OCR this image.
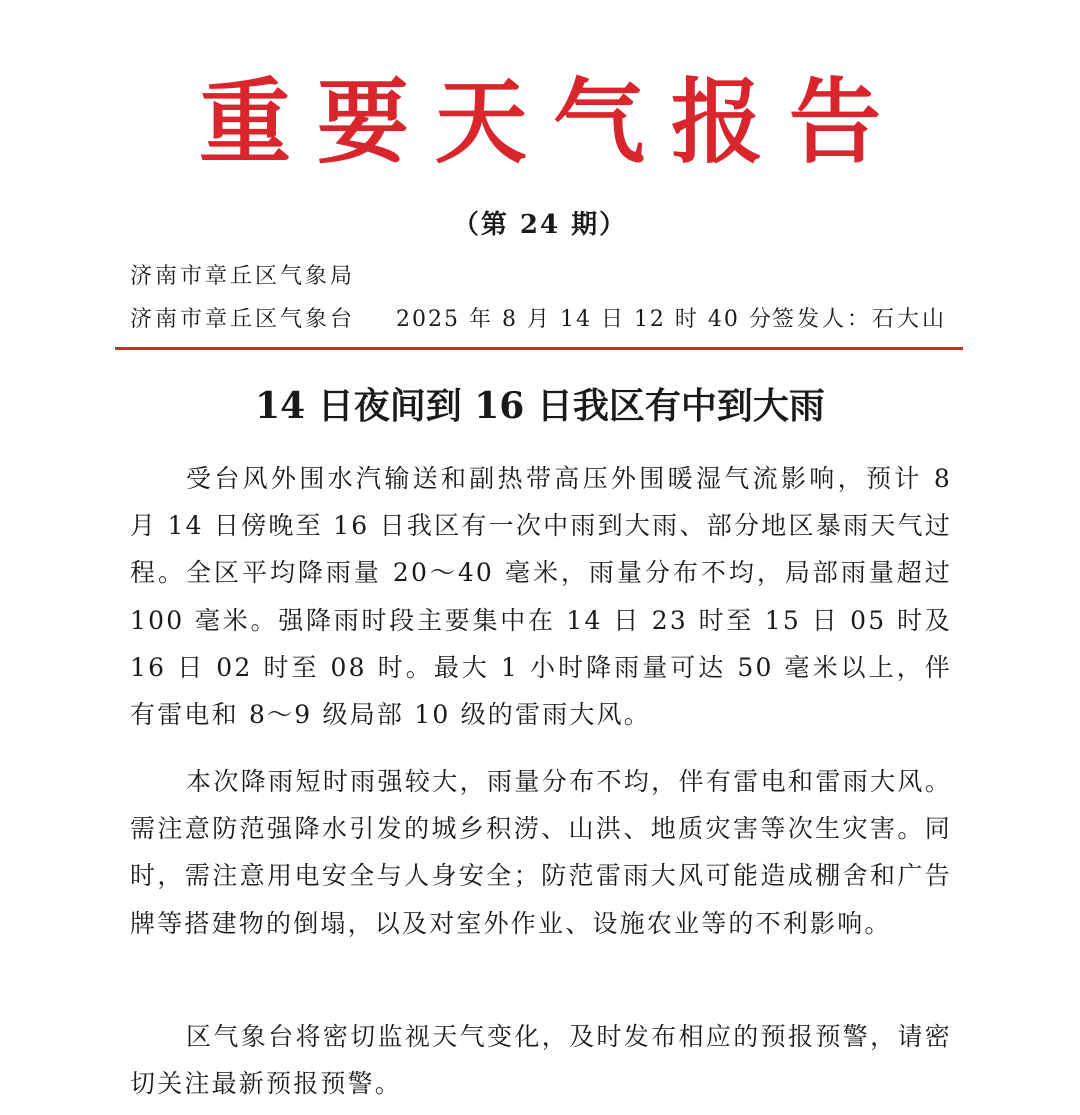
重要天气报告
（第 24 期）
济南市章丘区气象局
济南市章丘区气象台 2025 年 8 月 14 日 12 时 40 分 签发人：石大山
14 日夜间到 16 日我区有中到大雨

受台风外围水汽输送和副热带高压外围暖湿气流影响，预计 8 月 14 日傍晚至 16 日我区有一次中雨到大雨、部分地区暴雨天气过程。全区平均降雨量 20～40 毫米，雨量分布不均，局部雨量超过 100 毫米。强降雨时段主要集中在 14 日 23 时至 15 日 05 时及 16 日 02 时至 08 时。最大 1 小时降雨量可达 50 毫米以上，伴有雷电和 8～9 级局部 10 级的雷雨大风。

本次降雨短时雨强较大，雨量分布不均，伴有雷电和雷雨大风。需注意防范强降水引发的城乡积涝、山洪、地质灾害等次生灾害。同时，需注意用电安全与人身安全；防范雷雨大风可能造成棚舍和广告牌等搭建物的倒塌，以及对室外作业、设施农业等的不利影响。

区气象台将密切监视天气变化，及时发布相应的预报预警，请密切关注最新预报预警。
